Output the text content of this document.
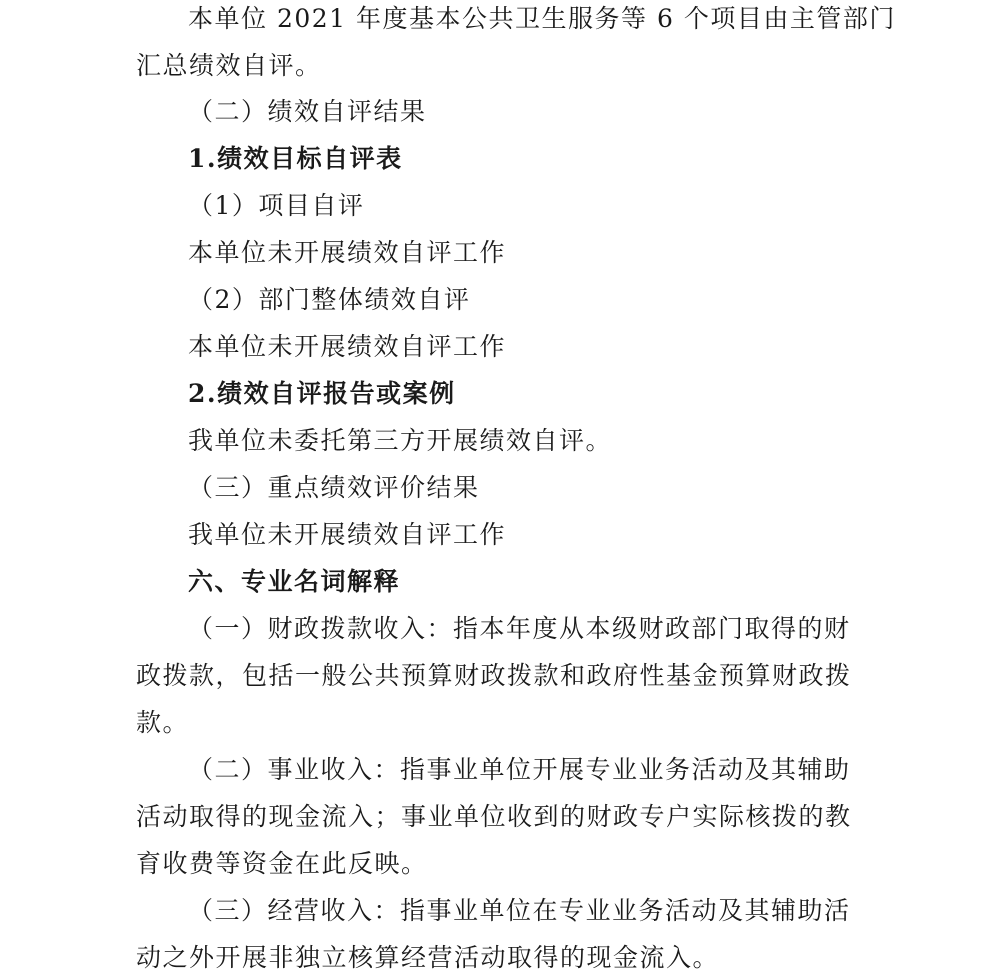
本单位 2021 年度基本公共卫生服务等 6 个项目由主管部门
汇总绩效自评。
（二）绩效自评结果
1.绩效目标自评表
（1）项目自评
本单位未开展绩效自评工作
（2）部门整体绩效自评
本单位未开展绩效自评工作
2.绩效自评报告或案例
我单位未委托第三方开展绩效自评。
（三）重点绩效评价结果
我单位未开展绩效自评工作
六、专业名词解释
（一）财政拨款收入：指本年度从本级财政部门取得的财
政拨款，包括一般公共预算财政拨款和政府性基金预算财政拨
款。
（二）事业收入：指事业单位开展专业业务活动及其辅助
活动取得的现金流入；事业单位收到的财政专户实际核拨的教
育收费等资金在此反映。
（三）经营收入：指事业单位在专业业务活动及其辅助活
动之外开展非独立核算经营活动取得的现金流入。
